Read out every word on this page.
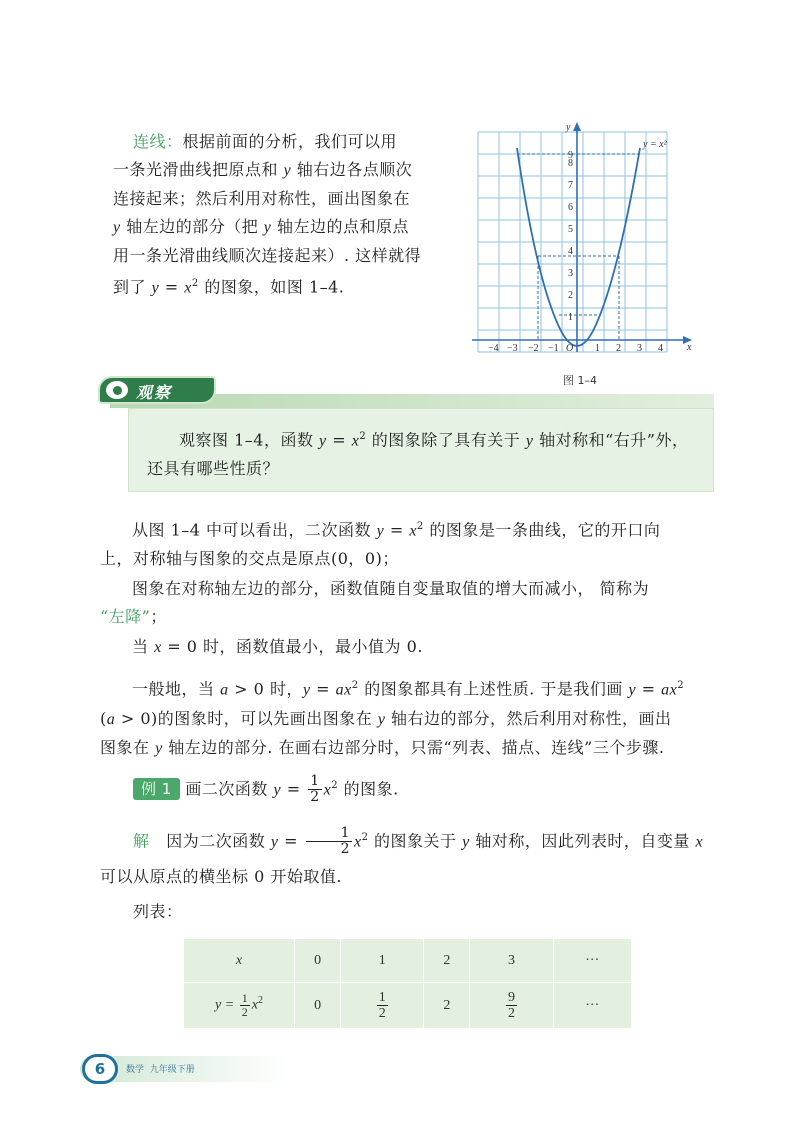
连线：根据前面的分析，我们可以用
一条光滑曲线把原点和 y 轴右边各点顺次
连接起来；然后利用对称性，画出图象在
y 轴左边的部分（把 y 轴左边的点和原点
用一条光滑曲线顺次连接起来）. 这样就得
到了 $y = x^2$ 的图象，如图 1–4.
y = x²
x
y
O
−4 −3 −2 −1	1 2 3 4
1
2
3
4
5
6
7
8
9
图 1–4
观察
观察图 1–4，函数 $y = x^2$ 的图象除了具有关于 y 轴对称和“右升”外，
还具有哪些性质？
从图 1–4 中可以看出，二次函数 $y = x^2$ 的图象是一条曲线，它的开口向
上，对称轴与图象的交点是原点(0，0)；
图象在对称轴左边的部分，函数值随自变量取值的增大而减小， 简称为
“左降”；
当 x = 0 时，函数值最小，最小值为 0.
一般地，当 a > 0 时，$y = ax^2$ 的图象都具有上述性质. 于是我们画 $y = ax^2$
(a > 0)的图象时，可以先画出图象在 y 轴右边的部分，然后利用对称性，画出
图象在 y 轴左边的部分. 在画右边部分时，只需“列表、描点、连线”三个步骤.
例 1 画二次函数 $y = \frac{1}{2} x^2$ 的图象.
解 因为二次函数 $y = \frac{1}{2} x^2$ 的图象关于 y 轴对称，因此列表时，自变量 x
可以从原点的横坐标 0 开始取值.
列表：
x	0	1	2	3	···
$y = \frac{1}{2} x^2$	0	$\frac{1}{2}$	2	$\frac{9}{2}$	···
6 数学 九年级下册
